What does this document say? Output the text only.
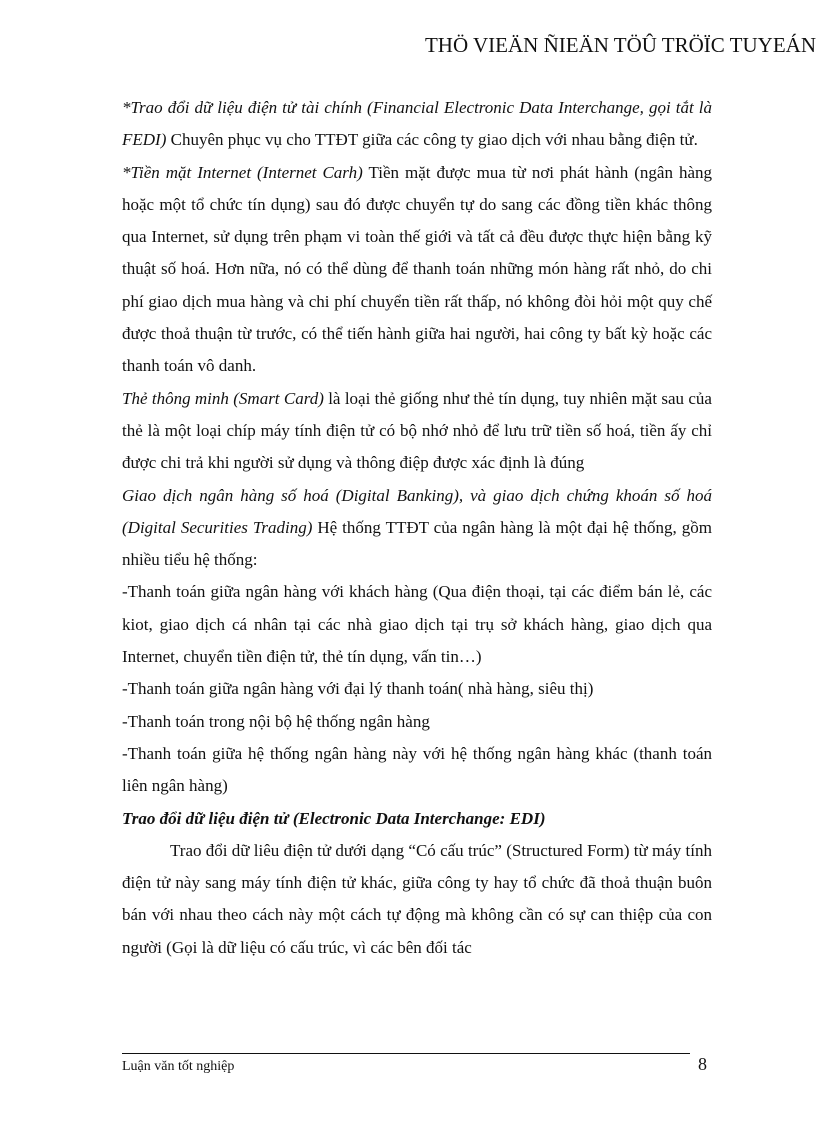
THÖ VIEÄN ÑIEÄN TÖÛ TRÖÏC TUYEÁN

*Trao đổi dữ liệu điện tử tài chính (Financial Electronic Data Interchange, gọi tắt là FEDI) Chuyên phục vụ cho TTĐT giữa các công ty giao dịch với nhau bằng điện tử.

*Tiền mặt Internet (Internet Carh) Tiền mặt được mua từ nơi phát hành (ngân hàng hoặc một tổ chức tín dụng) sau đó được chuyển tự do sang các đồng tiền khác thông qua Internet, sử dụng trên phạm vi toàn thế giới và tất cả đều được thực hiện bằng kỹ thuật số hoá. Hơn nữa, nó có thể dùng để thanh toán những món hàng rất nhỏ, do chi phí giao dịch mua hàng và chi phí chuyển tiền rất thấp, nó không đòi hỏi một quy chế được thoả thuận từ trước, có thể tiến hành giữa hai người, hai công ty bất kỳ hoặc các thanh toán vô danh.

Thẻ thông minh (Smart Card) là loại thẻ giống như thẻ tín dụng, tuy nhiên mặt sau của thẻ là một loại chíp máy tính điện tử có bộ nhớ nhỏ để lưu trữ tiền số hoá, tiền ấy chỉ được chi trả khi người sử dụng và thông điệp được xác định là đúng

Giao dịch ngân hàng số hoá (Digital Banking), và giao dịch chứng khoán số hoá (Digital Securities Trading) Hệ thống TTĐT của ngân hàng là một đại hệ thống, gồm nhiều tiểu hệ thống:

-Thanh toán giữa ngân hàng với khách hàng (Qua điện thoại, tại các điểm bán lẻ, các kiot, giao dịch cá nhân tại các nhà giao dịch tại trụ sở khách hàng, giao dịch qua Internet, chuyển tiền điện tử, thẻ tín dụng, vấn tin…)

-Thanh toán giữa ngân hàng với đại lý thanh toán( nhà hàng, siêu thị)

-Thanh toán trong nội bộ hệ thống ngân hàng

-Thanh toán giữa hệ thống ngân hàng này với hệ thống ngân hàng khác (thanh toán liên ngân hàng)

Trao đổi dữ liệu điện tử (Electronic Data Interchange: EDI)

Trao đổi dữ liêu điện tử dưới dạng “Có cấu trúc” (Structured Form) từ máy tính điện tử này sang máy tính điện tử khác, giữa công ty hay tổ chức đã thoả thuận buôn bán với nhau theo cách này một cách tự động mà không cần có sự can thiệp của con người (Gọi là dữ liệu có cấu trúc, vì các bên đối tác

Luận văn tốt nghiệp	8
